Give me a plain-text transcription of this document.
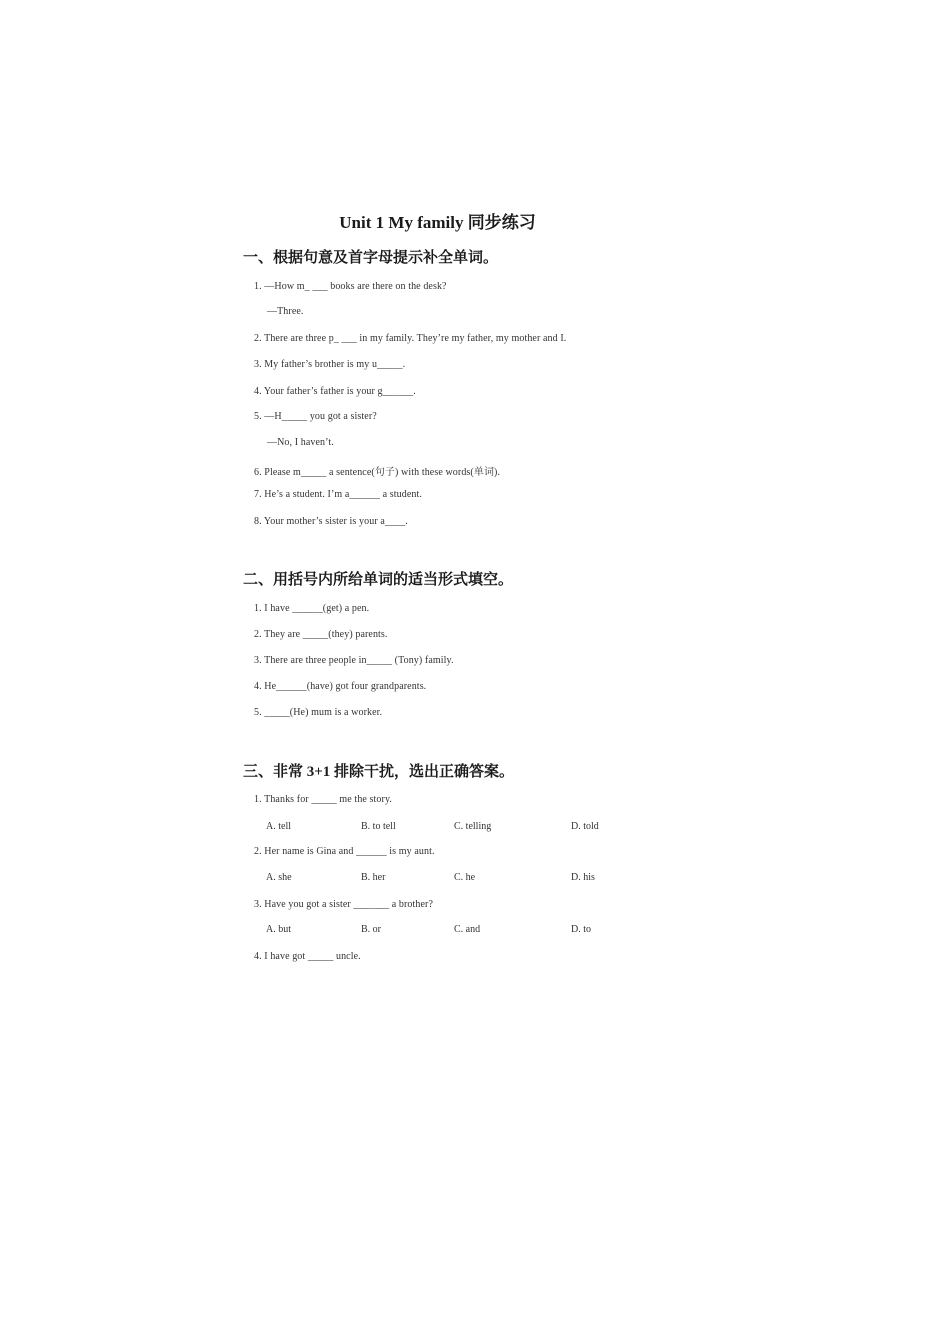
Unit 1 My family 同步练习
一、根据句意及首字母提示补全单词。
1. —How m_ ___ books are there on the desk?
—Three.
2. There are three p_ ___ in my family. They’re my father, my mother and I.
3. My father’s brother is my u_____.
4. Your father’s father is your g______.
5. —H_____ you got a sister?
—No, I haven’t.
6. Please m_____ a sentence(句子) with these words(单词).
7. He’s a student. I’m a______ a student.
8. Your mother’s sister is your a____.
二、用括号内所给单词的适当形式填空。
1. I have ______(get) a pen.
2. They are _____(they) parents.
3. There are three people in_____ (Tony) family.
4. He______(have) got four grandparents.
5. _____(He) mum is a worker.
三、非常 3+1 排除干扰，选出正确答案。
1. Thanks for _____ me the story.
A. tell	B. to tell	C. telling	D. told
2. Her name is Gina and ______ is my aunt.
A. she	B. her	C. he	D. his
3. Have you got a sister _______ a brother?
A. but	B. or	C. and	D. to
4. I have got _____ uncle.
